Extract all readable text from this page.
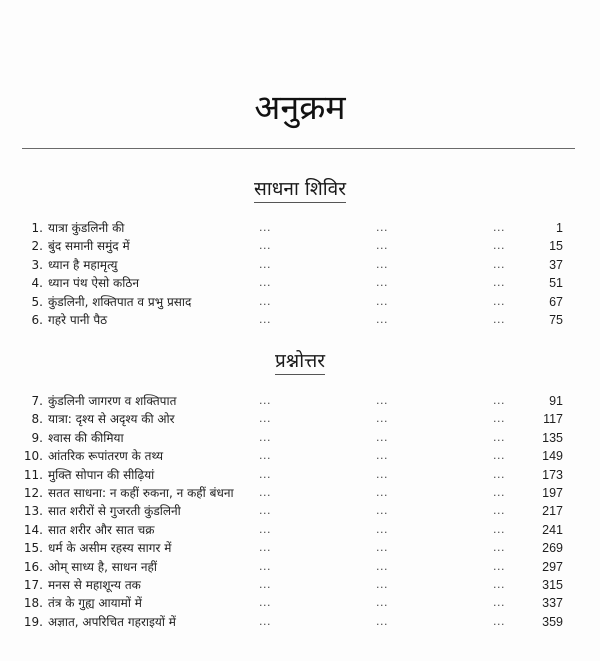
अनुक्रम
साधना शिविर
1. यात्रा कुंडलिनी की	...	...	...	1
2. बुंद समानी समुंद में	...	...	...	15
3. ध्यान है महामृत्यु	...	...	...	37
4. ध्यान पंथ ऐसो कठिन	...	...	...	51
5. कुंडलिनी, शक्तिपात व प्रभु प्रसाद	...	...	...	67
6. गहरे पानी पैठ	...	...	...	75
प्रश्नोत्तर
7. कुंडलिनी जागरण व शक्तिपात	...	...	...	91
8. यात्रा: दृश्य से अदृश्य की ओर	...	...	...	117
9. श्वास की कीमिया	...	...	...	135
10. आंतरिक रूपांतरण के तथ्य	...	...	...	149
11. मुक्ति सोपान की सीढ़ियां	...	...	...	173
12. सतत साधना: न कहीं रुकना, न कहीं बंधना ...	...	...	197
13. सात शरीरों से गुजरती कुंडलिनी	...	...	...	217
14. सात शरीर और सात चक्र	...	...	...	241
15. धर्म के असीम रहस्य सागर में	...	...	...	269
16. ओम् साध्य है, साधन नहीं	...	...	...	297
17. मनस से महाशून्य तक	...	...	...	315
18. तंत्र के गुह्य आयामों में	...	...	...	337
19. अज्ञात, अपरिचित गहराइयों में	...	...	...	359
